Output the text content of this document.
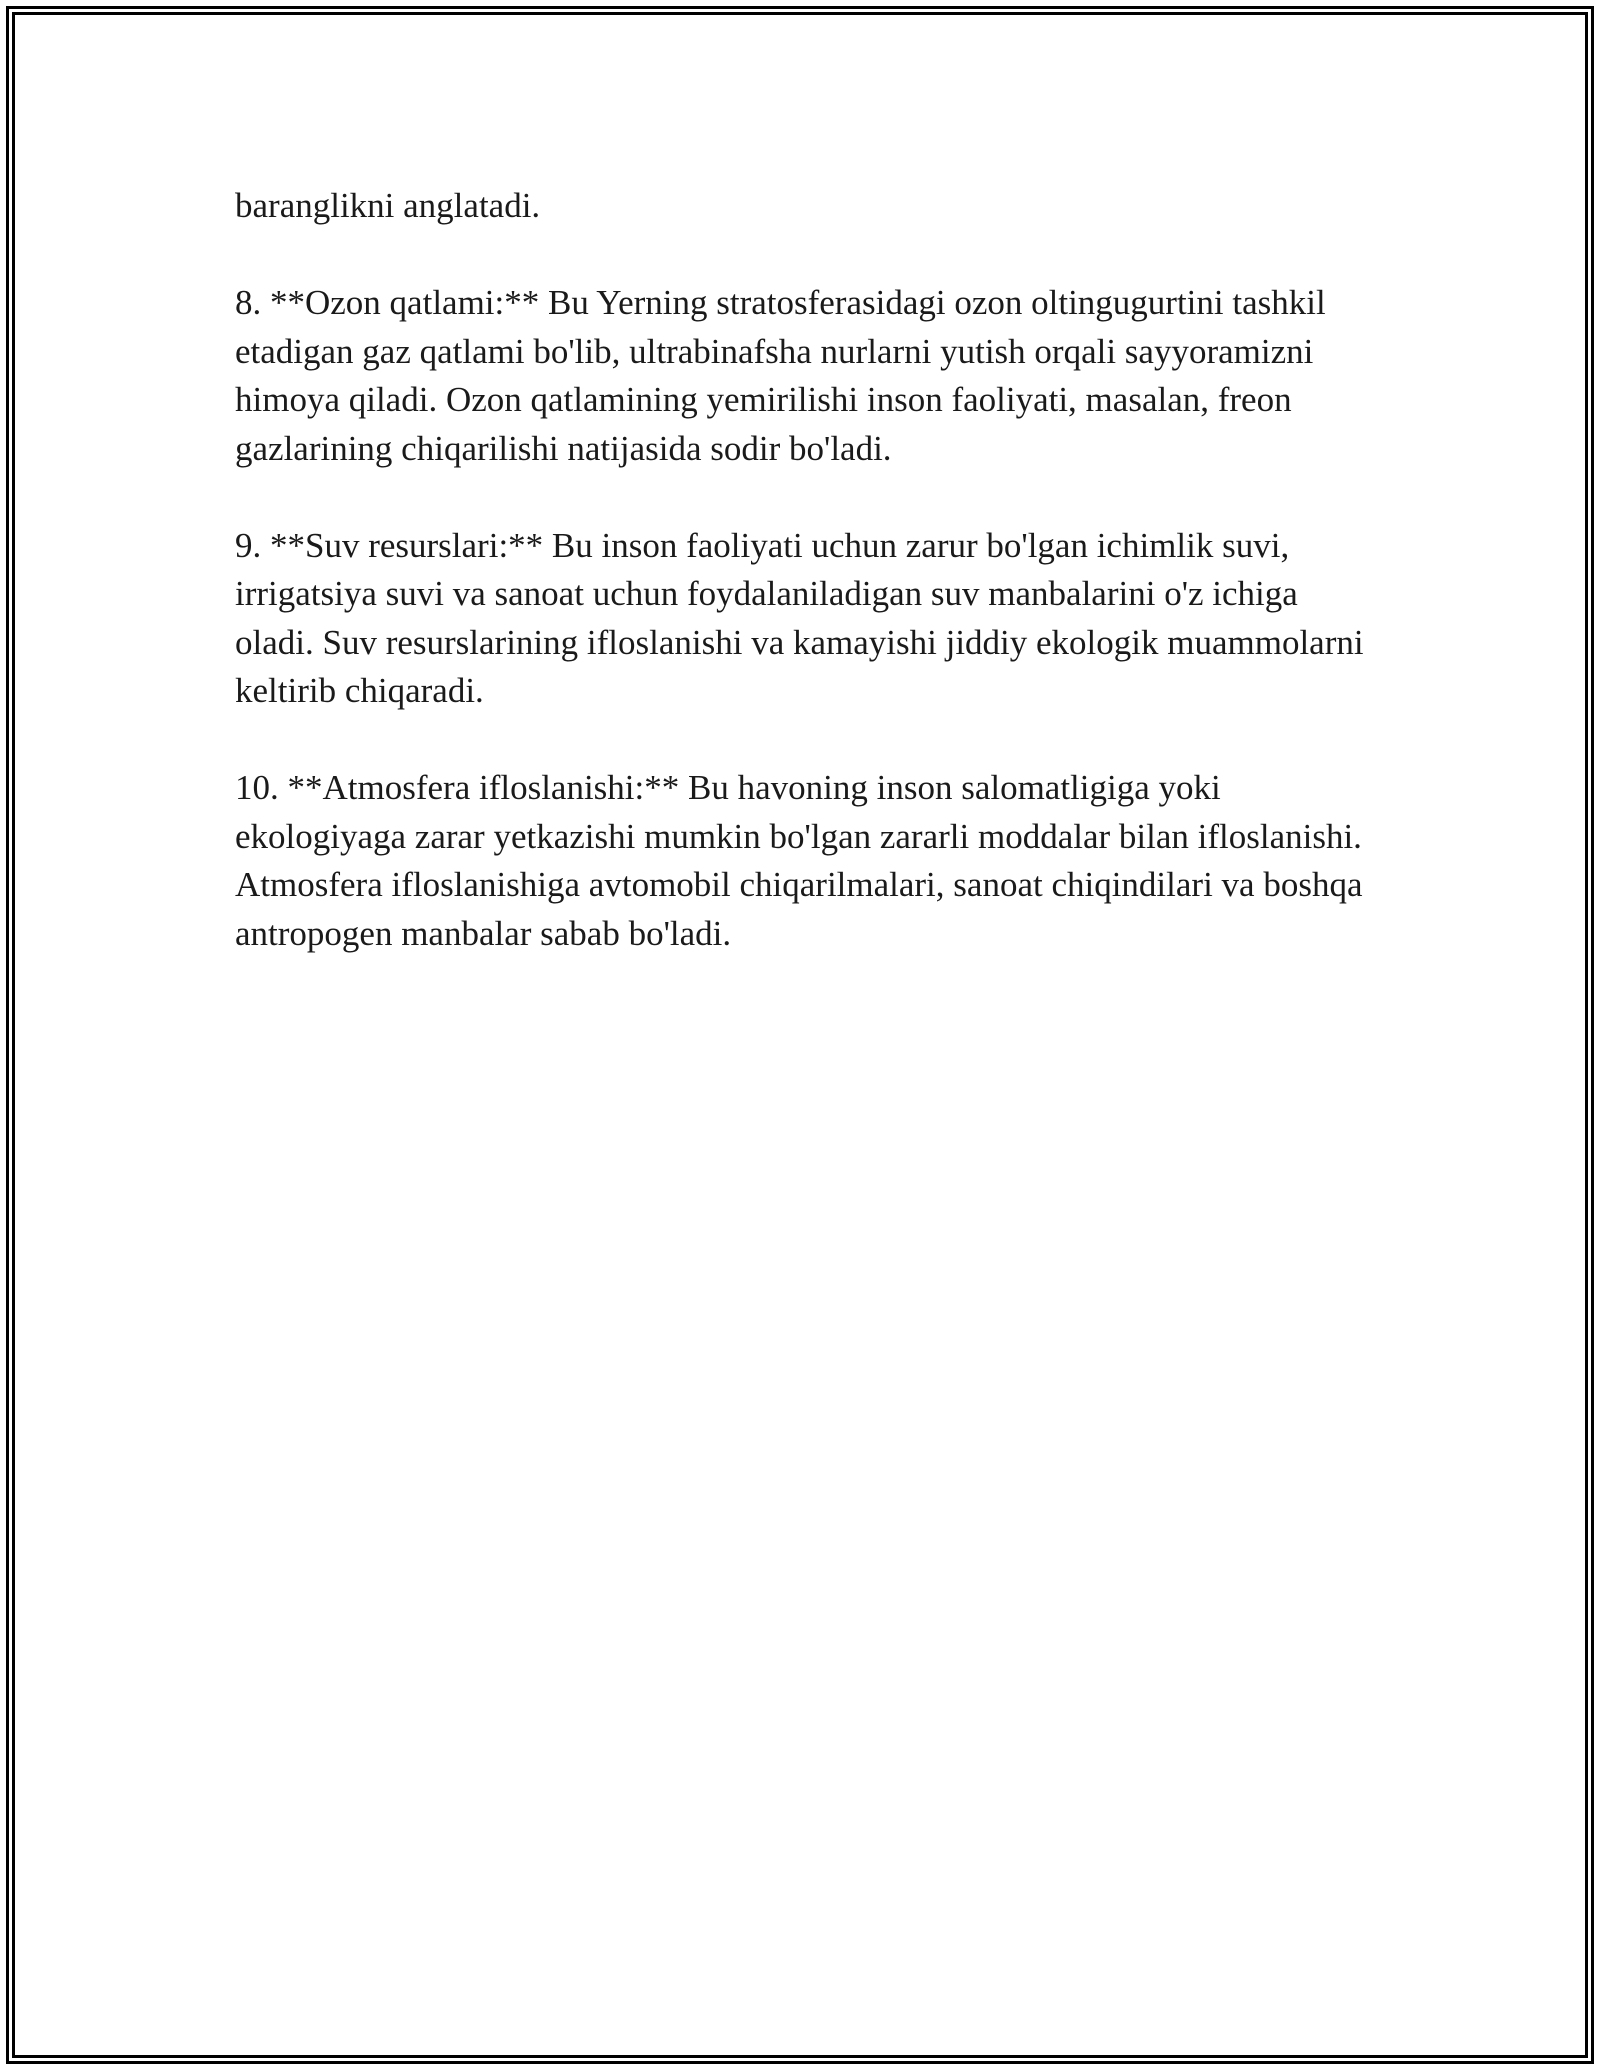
baranglikni anglatadi.

8. **Ozon qatlami:** Bu Yerning stratosferasidagi ozon oltingugurtini tashkil etadigan gaz qatlami bo'lib, ultrabinafsha nurlarni yutish orqali sayyoramizni himoya qiladi. Ozon qatlamining yemirilishi inson faoliyati, masalan, freon gazlarining chiqarilishi natijasida sodir bo'ladi.

9. **Suv resurslari:** Bu inson faoliyati uchun zarur bo'lgan ichimlik suvi, irrigatsiya suvi va sanoat uchun foydalaniladigan suv manbalarini o'z ichiga oladi. Suv resurslarining ifloslanishi va kamayishi jiddiy ekologik muammolarni keltirib chiqaradi.

10. **Atmosfera ifloslanishi:** Bu havoning inson salomatligiga yoki ekologiyaga zarar yetkazishi mumkin bo'lgan zararli moddalar bilan ifloslanishi. Atmosfera ifloslanishiga avtomobil chiqarilmalari, sanoat chiqindilari va boshqa antropogen manbalar sabab bo'ladi.
